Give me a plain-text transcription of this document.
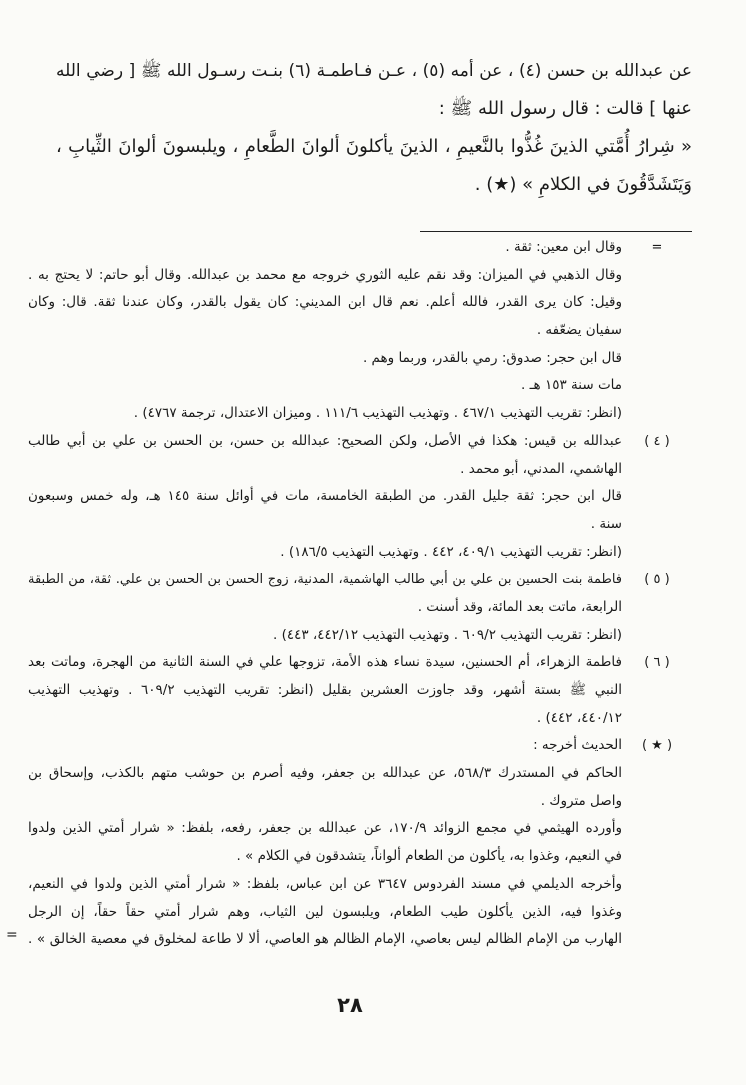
عن عبدالله بن حسن (٤) ، عن أمه (٥) ، عـن فـاطمـة (٦) بنـت رسـول الله ﷺ [ رضي الله
عنها ] قالت : قال رسول الله ﷺ :
« شِرارُ أُمَّتي الذينَ غُذُّوا بالنَّعيمِ ، الذينَ يأكلونَ ألوانَ الطَّعامِ ، ويلبسونَ ألوانَ الثِّيابِ ،
وَيَتَشَدَّقُونَ في الكلامِ » (★) .
=
وقال ابن معين: ثقة .
وقال الذهبي في الميزان: وقد نقم عليه الثوري خروجه مع محمد بن عبدالله. وقال أبو حاتم: لا يحتج به .
وقيل: كان يرى القدر، فالله أعلم. نعم قال ابن المديني: كان يقول بالقدر، وكان عندنا ثقة. قال: وكان
سفيان يضعّفه .
قال ابن حجر: صدوق: رمي بالقدر، وربما وهم .
مات سنة ١٥٣ هـ .
(انظر: تقريب التهذيب ٤٦٧/١ . وتهذيب التهذيب ١١١/٦ . وميزان الاعتدال، ترجمة ٤٧٦٧) .
( ٤ )
عبدالله بن قيس: هكذا في الأصل، ولكن الصحيح: عبدالله بن حسن، بن الحسن بن علي بن أبي طالب
الهاشمي، المدني، أبو محمد .
قال ابن حجر: ثقة جليل القدر. من الطبقة الخامسة، مات في أوائل سنة ١٤٥ هـ، وله خمس وسبعون
سنة .
(انظر: تقريب التهذيب ٤٠٩/١، ٤٤٢ . وتهذيب التهذيب ١٨٦/٥) .
( ٥ )
فاطمة بنت الحسين بن علي بن أبي طالب الهاشمية، المدنية، زوج الحسن بن الحسن بن علي. ثقة، من الطبقة
الرابعة، ماتت بعد المائة، وقد أسنت .
(انظر: تقريب التهذيب ٦٠٩/٢ . وتهذيب التهذيب ٤٤٢/١٢، ٤٤٣) .
( ٦ )
فاطمة الزهراء، أم الحسنين، سيدة نساء هذه الأمة، تزوجها علي في السنة الثانية من الهجرة، وماتت بعد
النبي ﷺ بستة أشهر، وقد جاوزت العشرين بقليل (انظر: تقريب التهذيب ٦٠٩/٢ . وتهذيب التهذيب
٤٤٠/١٢، ٤٤٢) .
( ★ )
الحديث أخرجه :
الحاكم في المستدرك ٥٦٨/٣، عن عبدالله بن جعفر، وفيه أصرم بن حوشب متهم بالكذب، وإسحاق بن
واصل متروك .
وأورده الهيثمي في مجمع الزوائد ١٧٠/٩، عن عبدالله بن جعفر، رفعه، بلفظ: « شرار أمتي الذين ولدوا
في النعيم، وغذوا به، يأكلون من الطعام ألواناً، يتشدقون في الكلام » .
وأخرجه الديلمي في مسند الفردوس ٣٦٤٧ عن ابن عباس، بلفظ: « شرار أمتي الذين ولدوا في النعيم،
وغذوا فيه، الذين يأكلون طيب الطعام، ويلبسون لين الثياب، وهم شرار أمتي حقاً حقاً، إن الرجل
الهارب من الإمام الظالم ليس بعاصي، الإمام الظالم هو العاصي، ألا لا طاعة لمخلوق في معصية الخالق » .
=
٢٨
